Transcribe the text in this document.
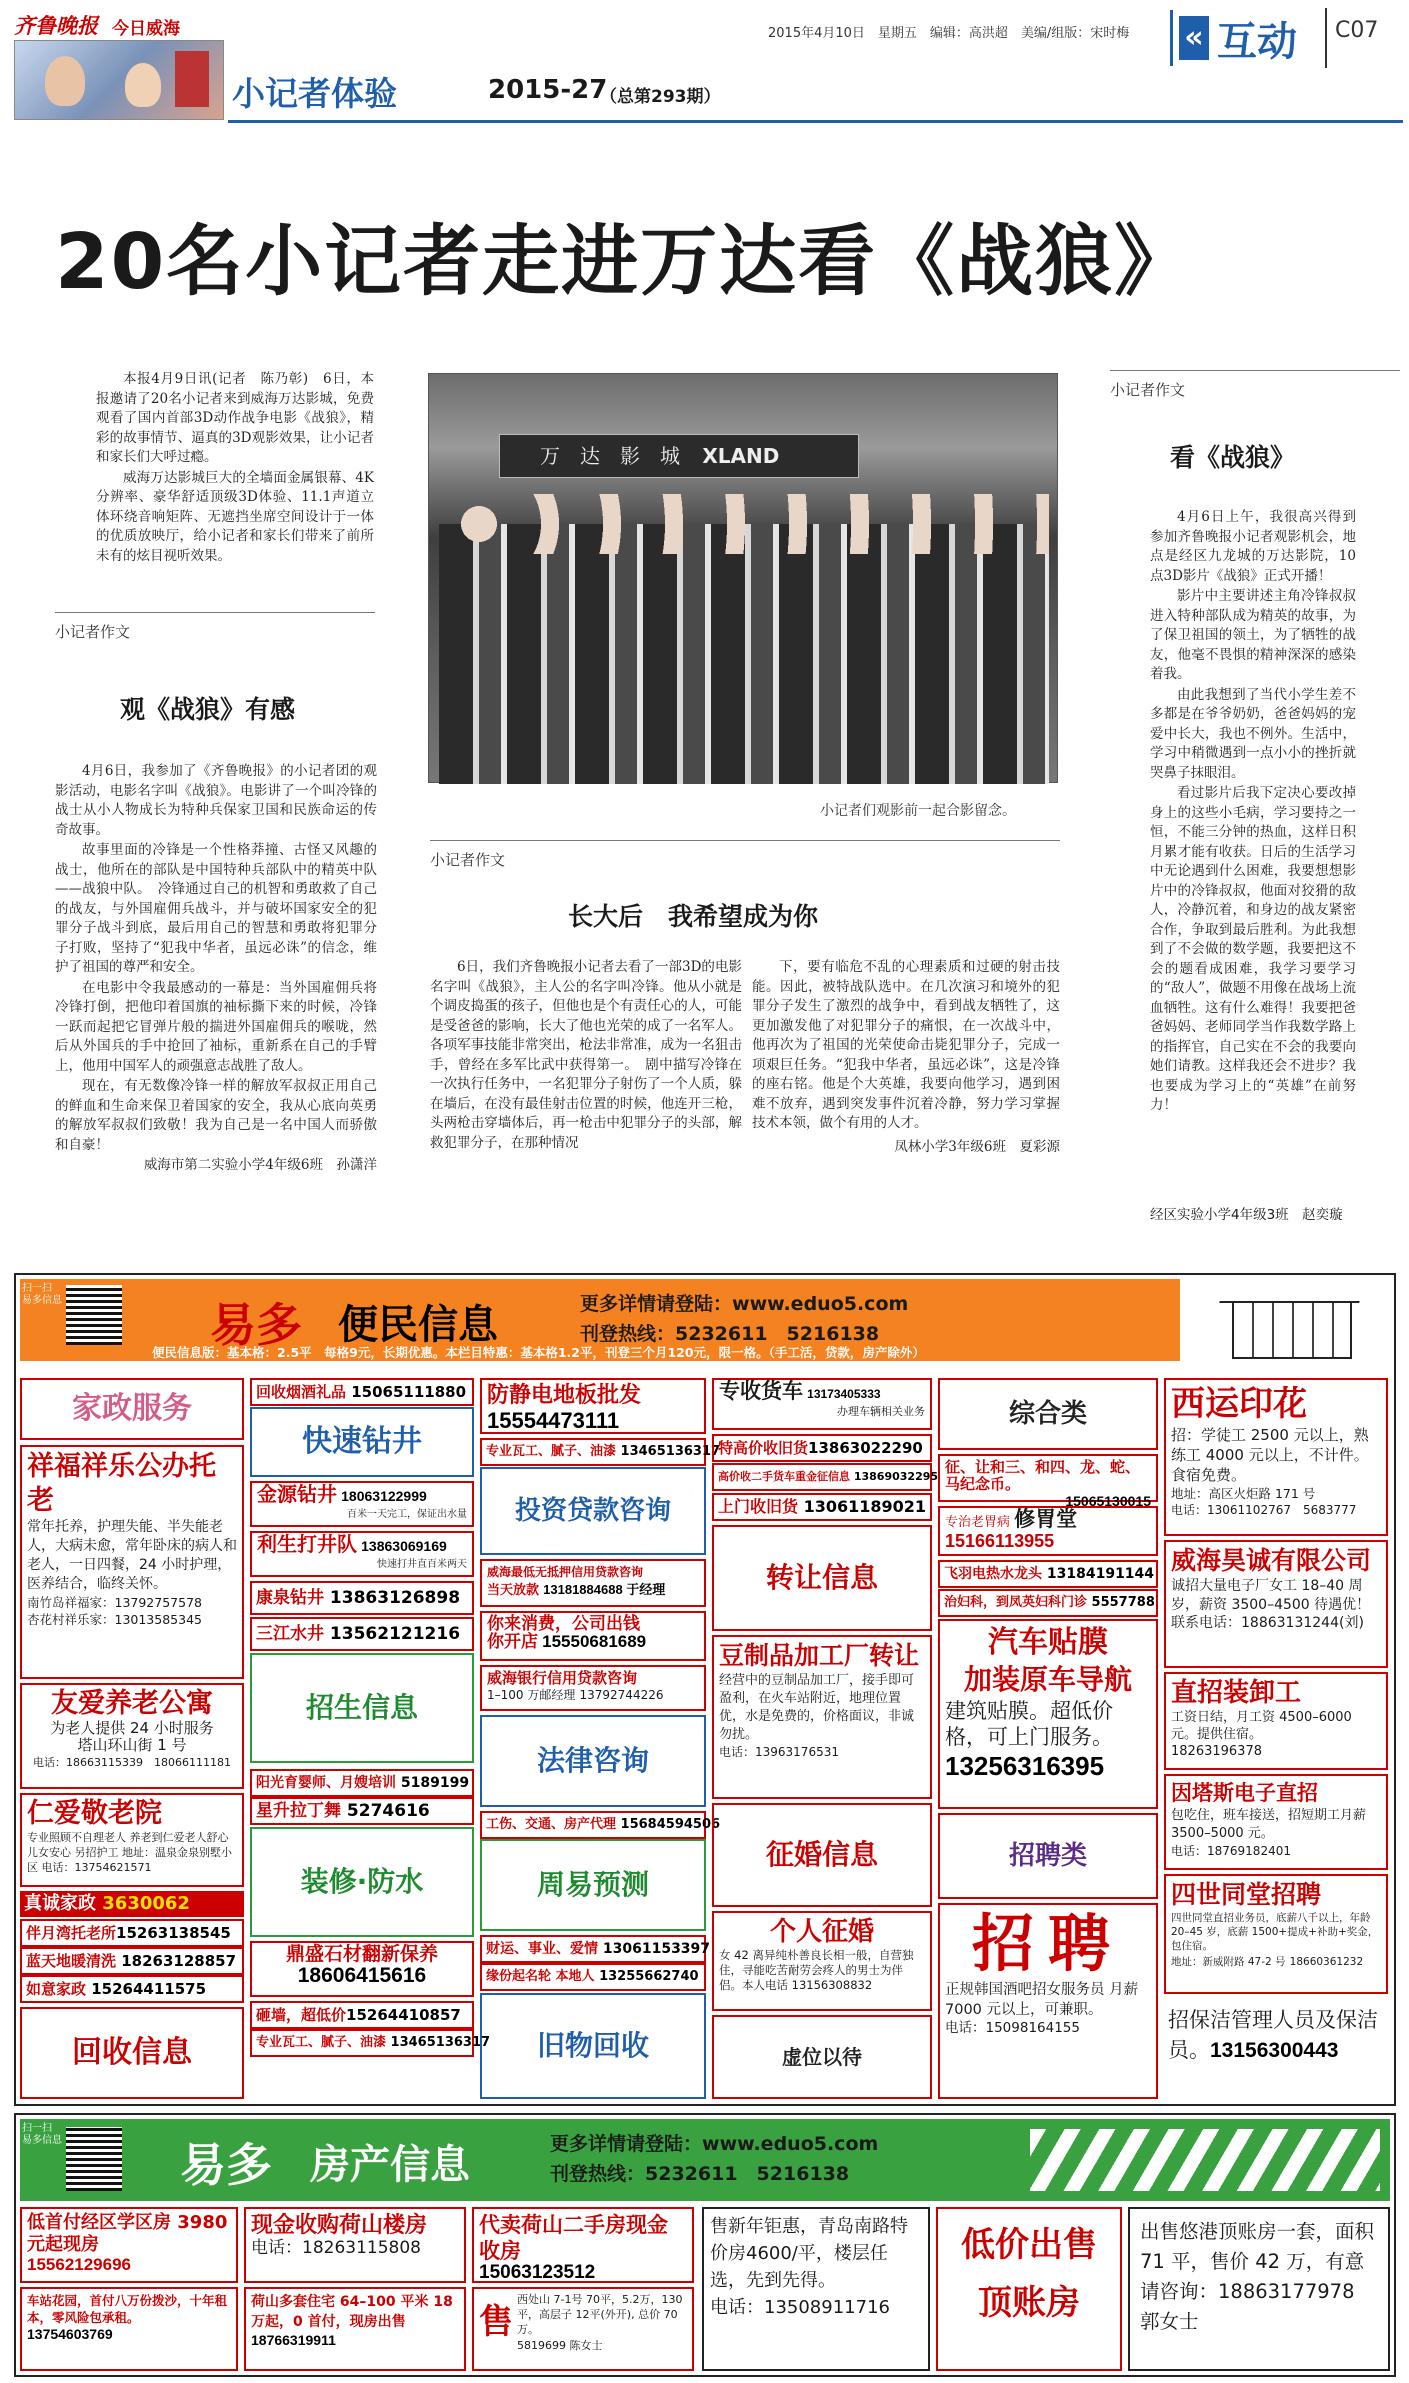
齐鲁晚报 今日威海	2015年4月10日　星期五　编辑：高洪超　美编/组版：宋时梅 « 互动 C07
小记者体验	2015-27
（总第293期）
20名小记者走进万达看《战狼》

本报4月9日讯(记者　陈乃彰)　6日，本报邀请了20名小记者来到威海万达影城，免费观看了国内首部3D动作战争电影《战狼》，精彩的故事情节、逼真的3D观影效果，让小记者和家长们大呼过瘾。

威海万达影城巨大的全墙面金属银幕、4K分辨率、豪华舒适顶级3D体验、11.1声道立体环绕音响矩阵、无遮挡坐席空间设计于一体的优质放映厅，给小记者和家长们带来了前所未有的炫目视听效果。

万　达　影　城 XLAND
小记者们观影前一起合影留念。
小记者作文
观《战狼》有感

4月6日，我参加了《齐鲁晚报》的小记者团的观影活动，电影名字叫《战狼》。电影讲了一个叫冷锋的战士从小人物成长为特种兵保家卫国和民族命运的传奇故事。

故事里面的冷锋是一个性格莽撞、古怪又风趣的战士，他所在的部队是中国特种兵部队中的精英中队——战狼中队。　冷锋通过自己的机智和勇敢救了自己的战友，与外国雇佣兵战斗，并与破坏国家安全的犯罪分子战斗到底，最后用自己的智慧和勇敢将犯罪分子打败，坚持了“犯我中华者，虽远必诛”的信念，维护了祖国的尊严和安全。

在电影中令我最感动的一幕是：当外国雇佣兵将冷锋打倒，把他印着国旗的袖标撕下来的时候，冷锋一跃而起把它冒弹片般的揣进外国雇佣兵的喉咙，然后从外国兵的手中抢回了袖标，重新系在自己的手臂上，他用中国军人的顽强意志战胜了敌人。

现在，有无数像冷锋一样的解放军叔叔正用自己的鲜血和生命来保卫着国家的安全，我从心底向英勇的解放军叔叔们致敬！我为自己是一名中国人而骄傲和自豪！

威海市第二实验小学4年级6班　孙潇洋

小记者作文
长大后　我希望成为你

6日，我们齐鲁晚报小记者去看了一部3D的电影名字叫《战狼》，主人公的名字叫冷锋。他从小就是个调皮捣蛋的孩子，但他也是个有责任心的人，可能是受爸爸的影响，长大了他也光荣的成了一名军人。各项军事技能非常突出，枪法非常准，成为一名狙击手，曾经在多军比武中获得第一。　剧中描写冷锋在一次执行任务中，一名犯罪分子射伤了一个人质，躲在墙后，在没有最佳射击位置的时候，他连开三枪，头两枪击穿墙体后，再一枪击中犯罪分子的头部，解救犯罪分子，在那种情况

下，要有临危不乱的心理素质和过硬的射击技能。因此，被特战队选中。在几次演习和境外的犯罪分子发生了激烈的战争中，看到战友牺牲了，这更加激发他了对犯罪分子的痛恨，在一次战斗中，他再次为了祖国的光荣使命击毙犯罪分子，完成一项艰巨任务。“犯我中华者，虽远必诛”，这是冷锋的座右铭。他是个大英雄，我要向他学习，遇到困难不放弃，遇到突发事件沉着冷静，努力学习掌握技术本领，做个有用的人才。

凤林小学3年级6班　夏彩源

小记者作文
看《战狼》

4月6日上午，我很高兴得到参加齐鲁晚报小记者观影机会，地点是经区九龙城的万达影院，10点3D影片《战狼》正式开播！

影片中主要讲述主角冷锋叔叔进入特种部队成为精英的故事，为了保卫祖国的领土，为了牺牲的战友，他毫不畏惧的精神深深的感染着我。

由此我想到了当代小学生差不多都是在爷爷奶奶，爸爸妈妈的宠爱中长大，我也不例外。生活中，学习中稍微遇到一点小小的挫折就哭鼻子抹眼泪。

看过影片后我下定决心要改掉身上的这些小毛病，学习要持之一恒，不能三分钟的热血，这样日积月累才能有收获。日后的生活学习中无论遇到什么困难，我要想想影片中的冷锋叔叔，他面对狡猾的敌人，冷静沉着，和身边的战友紧密合作，争取到最后胜利。为此我想到了不会做的数学题，我要把这不会的题看成困难，我学习要学习的“敌人”，做题不用像在战场上流血牺牲。这有什么难得！我要把爸爸妈妈、老师同学当作我数学路上的指挥官，自己实在不会的我要向她们请教。这样我还会不进步？我也要成为学习上的“英雄”在前努力！

经区实验小学4年级3班　赵奕璇
扫一扫 易多信息	易多 便民信息	更多详情请登陆：www.eduo5.com
刊登热线：5232611　5216138
便民信息版：基本格：2.5平　每格9元，长期优惠。本栏目特惠：基本格1.2平，刊登三个月120元，限一格。（手工活，贷款，房产除外）
家政服务
祥福祥乐公办托老
常年托养，护理失能、半失能老人，大病未愈，常年卧床的病人和老人，一日四餐，24 小时护理，医养结合，临终关怀。
南竹岛祥福家：13792757578
杏花村祥乐家：13013585345
友爱养老公寓
为老人提供 24 小时服务
塔山环山街 1 号
电话：18663115339　18066111181
仁爱敬老院
专业照顾不自理老人 养老到仁爱老人舒心 儿女安心 另招护工 地址：温泉金泉别墅小区 电话：13754621571
真诚家政 3630062
伴月湾托老所15263138545
蓝天地暖清洗 18263128857
如意家政 15264411575
回收信息
回收烟酒礼品 15065111880
快速钻井
金源钻井 18063122999
百米一天完工，保证出水量
利生打井队 13863069169
快速打井直百米两天
康泉钻井 13863126898
三江水井 13562121216
招生信息
阳光育婴师、月嫂培训 5189199
星升拉丁舞 5274616
装修·防水
鼎盛石材翻新保养
18606415616
砸墙，超低价15264410857
专业瓦工、腻子、油漆 13465136317
防静电地板批发
15554473111
专业瓦工、腻子、油漆 13465136317
投资贷款咨询
威海最低无抵押信用贷款咨询
当天放款 13181884688 于经理
你来消费，公司出钱
你开店 15550681689
威海银行信用贷款咨询
1–100 万邮经理 13792744226
法律咨询
工伤、交通、房产代理 15684594506
周易预测
财运、事业、爱情 13061153397
缘份起名轮 本地人 13255662740
旧物回收
专收货车 13173405333
办理车辆相关业务
特高价收旧货13863022290
高价收二手货车重金征信息 13869032295
上门收旧货 13061189021
转让信息
豆制品加工厂转让
经营中的豆制品加工厂，接手即可盈利，在火车站附近，地理位置优，水是免费的，价格面议，非诚勿扰。
电话：13963176531
征婚信息
个人征婚
女 42 离异纯朴善良长相一般，自营独住，寻能吃苦耐劳会疼人的男士为伴侣。本人电话 13156308832
虚位以待
综合类
征、让和三、和四、龙、蛇、马纪念币。
15065130015
专治老胃病 修胃堂
15166113955
飞羽电热水龙头 13184191144
治妇科，到凤英妇科门诊 5557788
汽车贴膜
加装原车导航
建筑贴膜。超低价格，可上门服务。
13256316395
招聘类
招聘
正规韩国酒吧招女服务员 月薪 7000 元以上，可兼职。
电话：15098164155
西运印花
招：学徒工 2500 元以上，熟练工 4000 元以上，不计件。食宿免费。
地址：高区火炬路 171 号
电话：13061102767　5683777
威海昊诚有限公司
诚招大量电子厂女工 18–40 周岁，薪资 3500–4500 待遇优！
联系电话：18863131244(刘)
直招装卸工
工资日结，月工资 4500–6000 元。提供住宿。
18263196378
因塔斯电子直招
包吃住，班车接送，招短期工月薪 3500–5000 元。
电话：18769182401
四世同堂招聘
四世同堂直招业务员，底薪八千以上，年龄 20–45 岁，底薪 1500+提成+补助+奖金，包住宿。
地址：新威附路 47-2 号 18660361232
招保洁管理人员及保洁员。13156300443
扫一扫 易多信息	易多 房产信息	更多详情请登陆：www.eduo5.com
刊登热线：5232611　5216138
低首付经区学区房 3980 元起现房
15562129696
车站花园，首付八万份拨沙，十年租本，零风险包承租。
13754603769
现金收购荷山楼房
电话：18263115808
荷山多套住宅 64–100 平米 18 万起，0 首付，现房出售
18766319911
代卖荷山二手房现金收房
15063123512
售
西处山 7-1号 70平，5.2万，130平，高层子 12平(外开), 总价 70 万。
5819699 陈女士
售新年钜惠，青岛南路特价房4600/平，楼层任选，先到先得。
电话：13508911716
低价出售
顶账房
出售悠港顶账房一套，面积 71 平，售价 42 万，有意请咨询：18863177978 郭女士
